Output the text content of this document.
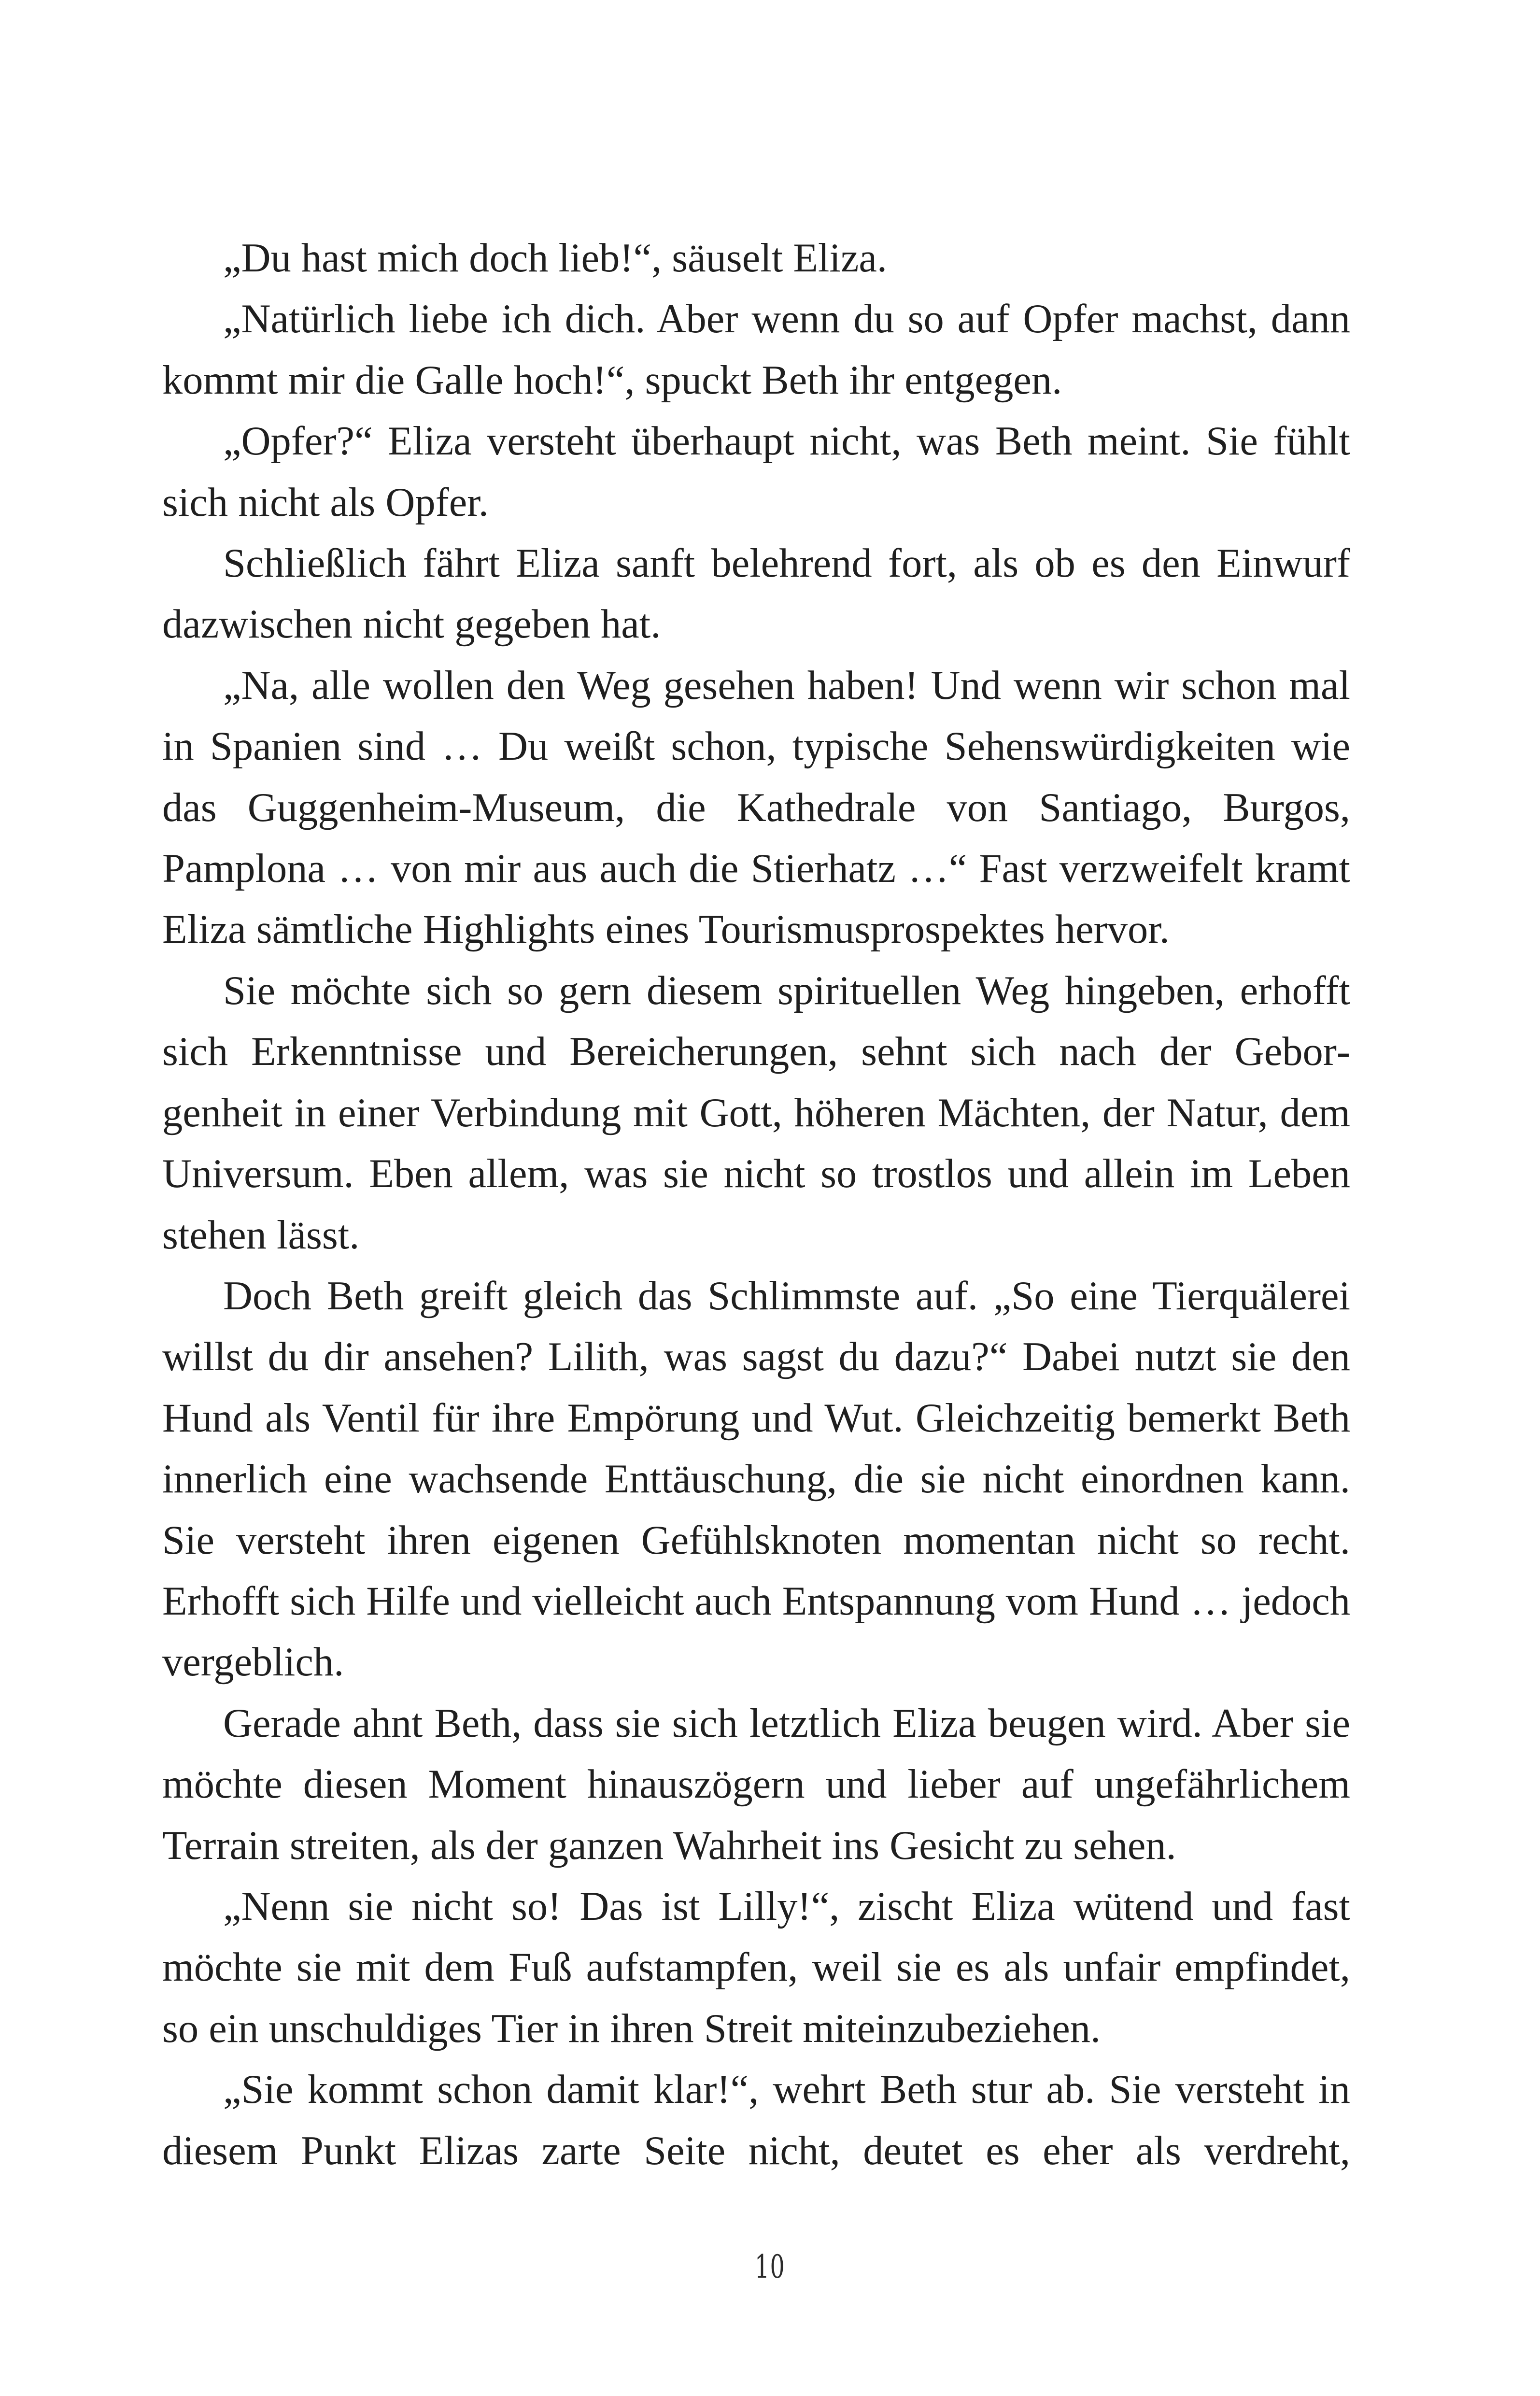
„Du hast mich doch lieb!“, säuselt Eliza.

„Natürlich liebe ich dich. Aber wenn du so auf Opfer machst, dann kommt mir die Galle hoch!“, spuckt Beth ihr entgegen.

„Opfer?“ Eliza versteht überhaupt nicht, was Beth meint. Sie fühlt sich nicht als Opfer.

Schließlich fährt Eliza sanft belehrend fort, als ob es den Einwurf dazwischen nicht gegeben hat.

„Na, alle wollen den Weg gesehen haben! Und wenn wir schon mal in Spanien sind … Du weißt schon, typische Sehenswürdigkeiten wie das Guggenheim-Museum, die Kathedrale von Santiago, Burgos, Pamplona … von mir aus auch die Stierhatz …“ Fast verzweifelt kramt Eliza sämtliche Highlights eines Tourismusprospektes hervor.

Sie möchte sich so gern diesem spirituellen Weg hingeben, erhofft sich Erkenntnisse und Bereicherungen, sehnt sich nach der Geborgenheit in einer Verbindung mit Gott, höheren Mächten, der Natur, dem Universum. Eben allem, was sie nicht so trostlos und allein im Leben stehen lässt.

Doch Beth greift gleich das Schlimmste auf. „So eine Tierquälerei willst du dir ansehen? Lilith, was sagst du dazu?“ Dabei nutzt sie den Hund als Ventil für ihre Empörung und Wut. Gleichzeitig bemerkt Beth innerlich eine wachsende Enttäuschung, die sie nicht einordnen kann. Sie versteht ihren eigenen Gefühlsknoten momentan nicht so recht. Erhofft sich Hilfe und vielleicht auch Entspannung vom Hund … jedoch vergeblich.

Gerade ahnt Beth, dass sie sich letztlich Eliza beugen wird. Aber sie möchte diesen Moment hinauszögern und lieber auf ungefährlichem Terrain streiten, als der ganzen Wahrheit ins Gesicht zu sehen.

„Nenn sie nicht so! Das ist Lilly!“, zischt Eliza wütend und fast möchte sie mit dem Fuß aufstampfen, weil sie es als unfair empfindet, so ein unschuldiges Tier in ihren Streit miteinzubeziehen.

„Sie kommt schon damit klar!“, wehrt Beth stur ab. Sie versteht in diesem Punkt Elizas zarte Seite nicht, deutet es eher als verdreht,

10
